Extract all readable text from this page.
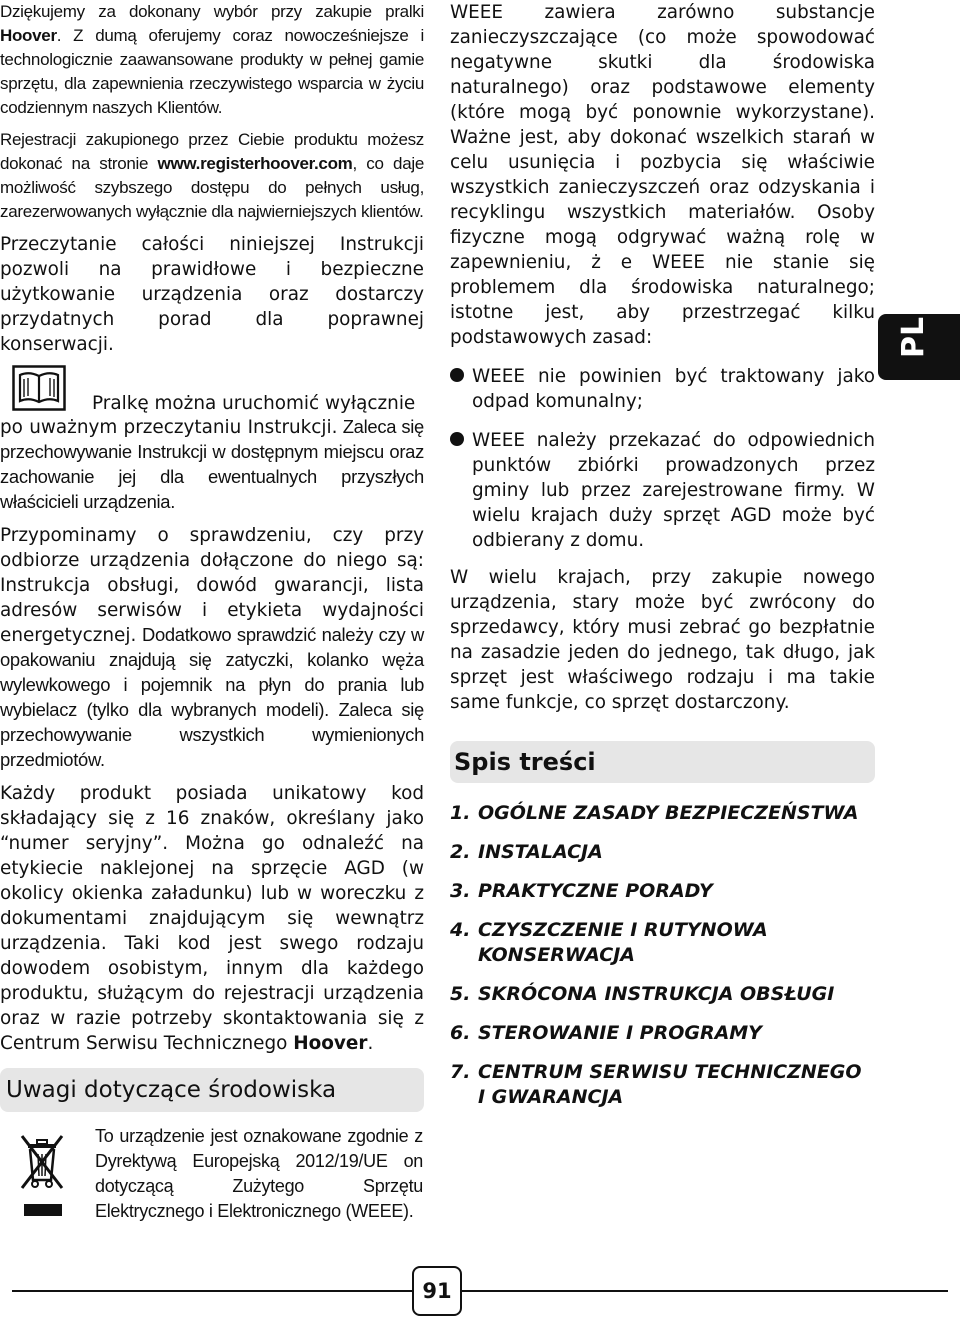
Dziękujemy za dokonany wybór przy zakupie pralki Hoover. Z dumą oferujemy coraz nowocześniejsze i technologicznie zaawansowane produkty w pełnej gamie sprzętu, dla zapewnienia rzeczywistego wsparcia w życiu codziennym naszych Klientów.

Rejestracji zakupionego przez Ciebie produktu możesz dokonać na stronie www.registerhoover.com, co daje możliwość szybszego dostępu do pełnych usług, zarezerwowanych wyłącznie dla najwierniejszych klientów.

Przeczytanie całości niniejszej Instrukcji pozwoli na prawidłowe i bezpieczne użytkowanie urządzenia oraz dostarczy przydatnych porad dla poprawnej konserwacji.

Pralkę można uruchomić wyłącznie

po uważnym przeczytaniu Instrukcji. Zaleca się przechowywanie Instrukcji w dostępnym miejscu oraz zachowanie jej dla ewentualnych przyszłych właścicieli urządzenia.

Przypominamy o sprawdzeniu, czy przy odbiorze urządzenia dołączone do niego są: Instrukcja obsługi, dowód gwarancji, lista adresów serwisów i etykieta wydajności energetycznej. Dodatkowo sprawdzić należy czy w opakowaniu znajdują się zatyczki, kolanko węża wylewkowego i pojemnik na płyn do prania lub wybielacz (tylko dla wybranych modeli). Zaleca się przechowywanie wszystkich wymienionych przedmiotów.

Każdy produkt posiada unikatowy kod składający się z 16 znaków, określany jako “numer seryjny”. Można go odnaleźć na etykiecie naklejonej na sprzęcie AGD (w okolicy okienka załadunku) lub w woreczku z dokumentami znajdującym się wewnątrz urządzenia. Taki kod jest swego rodzaju dowodem osobistym, innym dla każdego produktu, służącym do rejestracji urządzenia oraz w razie potrzeby skontaktowania się z Centrum Serwisu Technicznego Hoover.

Uwagi dotyczące środowiska

To urządzenie jest oznakowane zgodnie z Dyrektywą Europejską 2012/19/UE on dotyczącą Zużytego Sprzętu Elektrycznego i Elektronicznego (WEEE).

WEEE zawiera zarówno substancje zanieczyszczające (co może spowodować negatywne skutki dla środowiska naturalnego) oraz podstawowe elementy (które mogą być ponownie wykorzystane). Ważne jest, aby dokonać wszelkich starań w celu usunięcia i pozbycia się właściwie wszystkich zanieczyszczeń oraz odzyskania i recyklingu wszystkich materiałów. Osoby fizyczne mogą odgrywać ważną rolę w zapewnieniu, ż e WEEE nie stanie się problemem dla środowiska naturalnego; istotne jest, aby przestrzegać kilku podstawowych zasad:

WEEE nie powinien być traktowany jako odpad komunalny;

WEEE należy przekazać do odpowiednich punktów zbiórki prowadzonych przez gminy lub przez zarejestrowane firmy. W wielu krajach duży sprzęt AGD może być odbierany z domu.

W wielu krajach, przy zakupie nowego urządzenia, stary może być zwrócony do sprzedawcy, który musi zebrać go bezpłatnie na zasadzie jeden do jednego, tak długo, jak sprzęt jest właściwego rodzaju i ma takie same funkcje, co sprzęt dostarczony.

Spis treści
1. OGÓLNE ZASADY BEZPIECZEŃSTWA
2. INSTALACJA
3. PRAKTYCZNE PORADY
4. CZYSZCZENIE I RUTYNOWA KONSERWACJA
5. SKRÓCONA INSTRUKCJA OBSŁUGI
6. STEROWANIE I PROGRAMY
7. CENTRUM SERWISU TECHNICZNEGO I GWARANCJA
PL
91
